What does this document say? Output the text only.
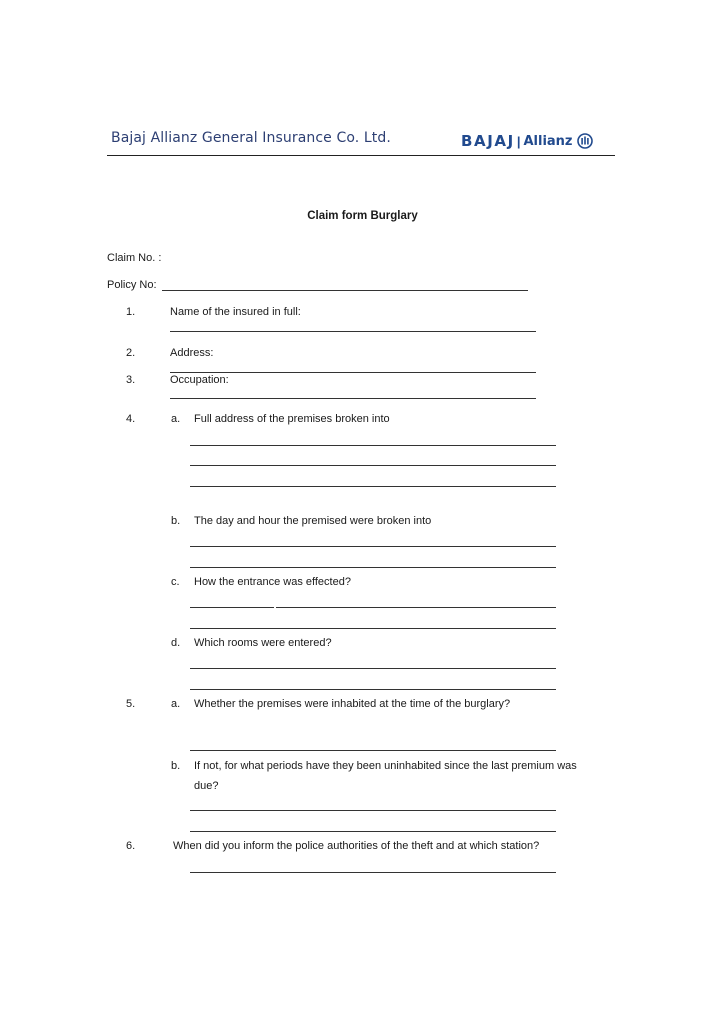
Bajaj Allianz General Insurance Co. Ltd.	BAJAJ | Allianz
Claim form Burglary
Claim No. :
Policy No:
1.	Name of the insured in full:
2.	Address:
3.	Occupation:
4.	a. Full address of the premises broken into
b. The day and hour the premised were broken into
c. How the entrance was effected?
d. Which rooms were entered?
5.	a. Whether the premises were inhabited at the time of the burglary?
b. If not, for what periods have they been uninhabited since the last premium was
due?
6.	When did you inform the police authorities of the theft and at which station?
